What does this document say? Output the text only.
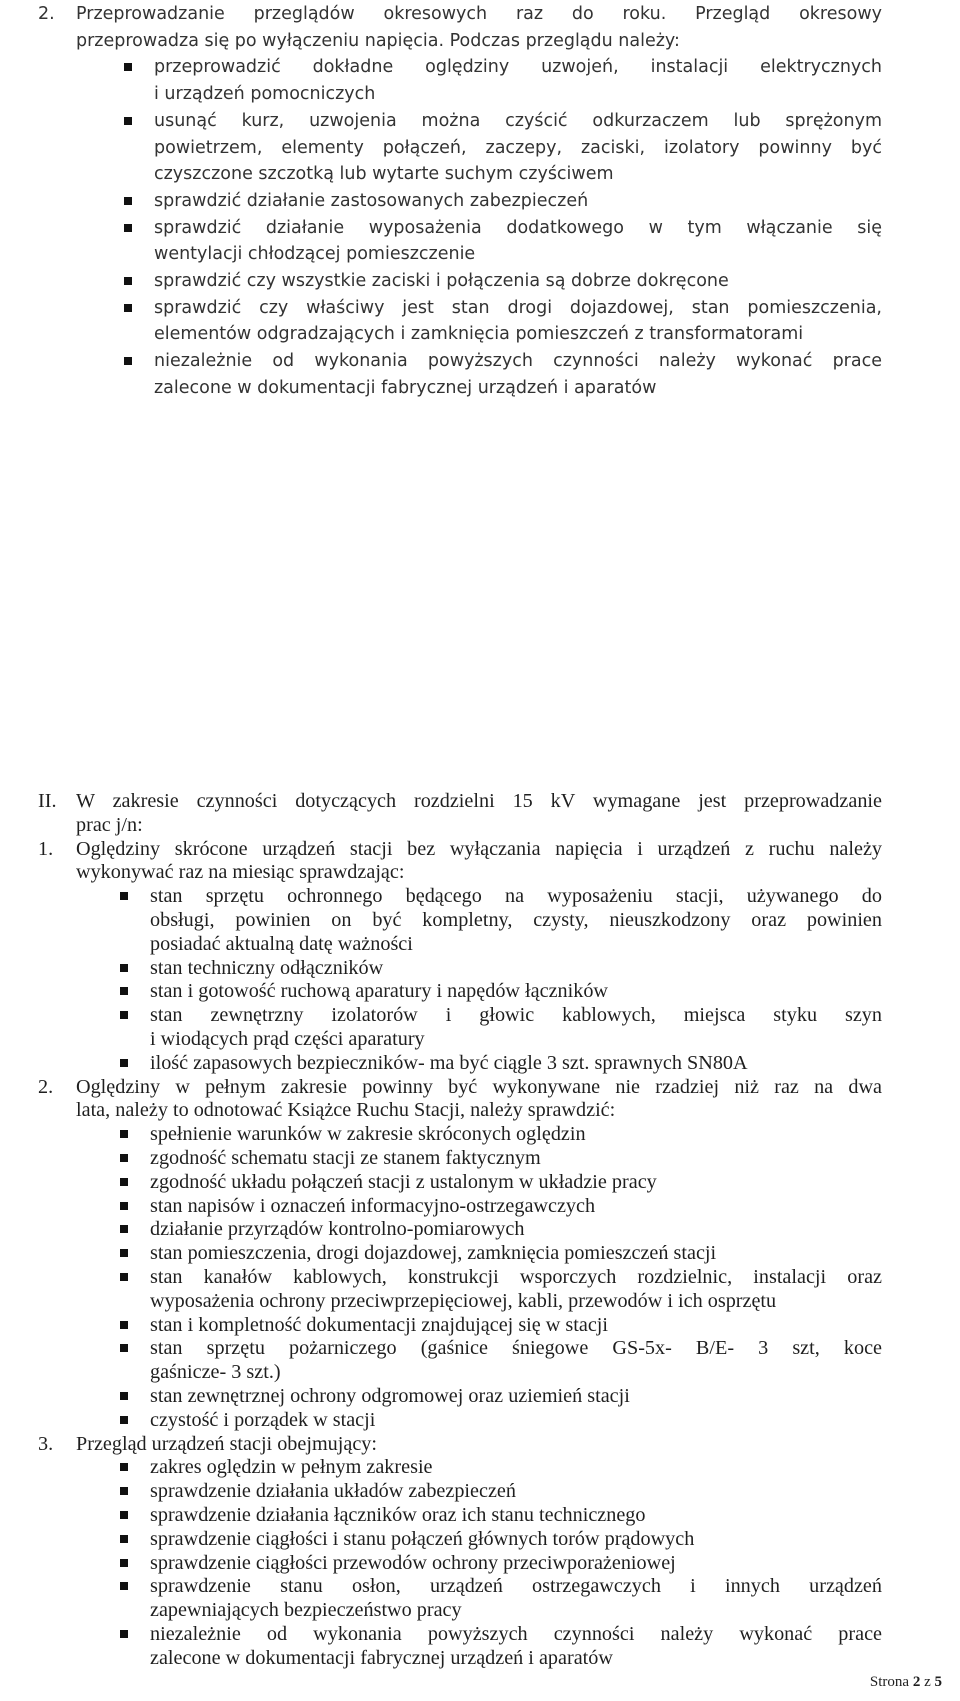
2. Przeprowadzanie przeglądów okresowych raz do roku. Przegląd okresowy
przeprowadza się po wyłączeniu napięcia. Podczas przeglądu należy:
przeprowadzić dokładne oględziny uzwojeń, instalacji elektrycznych
i urządzeń pomocniczych
usunąć kurz, uzwojenia można czyścić odkurzaczem lub sprężonym
powietrzem, elementy połączeń, zaczepy, zaciski, izolatory powinny być
czyszczone szczotką lub wytarte suchym czyściwem
sprawdzić działanie zastosowanych zabezpieczeń
sprawdzić działanie wyposażenia dodatkowego w tym włączanie się
wentylacji chłodzącej pomieszczenie
sprawdzić czy wszystkie zaciski i połączenia są dobrze dokręcone
sprawdzić czy właściwy jest stan drogi dojazdowej, stan pomieszczenia,
elementów odgradzających i zamknięcia pomieszczeń z transformatorami
niezależnie od wykonania powyższych czynności należy wykonać prace
zalecone w dokumentacji fabrycznej urządzeń i aparatów
II. W zakresie czynności dotyczących rozdzielni 15 kV wymagane jest przeprowadzanie
prac j/n:
1. Oględziny skrócone urządzeń stacji bez wyłączania napięcia i urządzeń z ruchu należy
wykonywać raz na miesiąc sprawdzając:
stan sprzętu ochronnego będącego na wyposażeniu stacji, używanego do
obsługi, powinien on być kompletny, czysty, nieuszkodzony oraz powinien
posiadać aktualną datę ważności
stan techniczny odłączników
stan i gotowość ruchową aparatury i napędów łączników
stan zewnętrzny izolatorów i głowic kablowych, miejsca styku szyn
i wiodących prąd części aparatury
ilość zapasowych bezpieczników- ma być ciągle 3 szt. sprawnych SN80A
2. Oględziny w pełnym zakresie powinny być wykonywane nie rzadziej niż raz na dwa
lata, należy to odnotować Książce Ruchu Stacji, należy sprawdzić:
spełnienie warunków w zakresie skróconych oględzin
zgodność schematu stacji ze stanem faktycznym
zgodność układu połączeń stacji z ustalonym w układzie pracy
stan napisów i oznaczeń informacyjno-ostrzegawczych
działanie przyrządów kontrolno-pomiarowych
stan pomieszczenia, drogi dojazdowej, zamknięcia pomieszczeń stacji
stan kanałów kablowych, konstrukcji wsporczych rozdzielnic, instalacji oraz
wyposażenia ochrony przeciwprzepięciowej, kabli, przewodów i ich osprzętu
stan i kompletność dokumentacji znajdującej się w stacji
stan sprzętu pożarniczego (gaśnice śniegowe GS-5x- B/E- 3 szt, koce
gaśnicze- 3 szt.)
stan zewnętrznej ochrony odgromowej oraz uziemień stacji
czystość i porządek w stacji
3. Przegląd urządzeń stacji obejmujący:
zakres oględzin w pełnym zakresie
sprawdzenie działania układów zabezpieczeń
sprawdzenie działania łączników oraz ich stanu technicznego
sprawdzenie ciągłości i stanu połączeń głównych torów prądowych
sprawdzenie ciągłości przewodów ochrony przeciwporażeniowej
sprawdzenie stanu osłon, urządzeń ostrzegawczych i innych urządzeń
zapewniających bezpieczeństwo pracy
niezależnie od wykonania powyższych czynności należy wykonać prace
zalecone w dokumentacji fabrycznej urządzeń i aparatów
Strona 2 z 5
